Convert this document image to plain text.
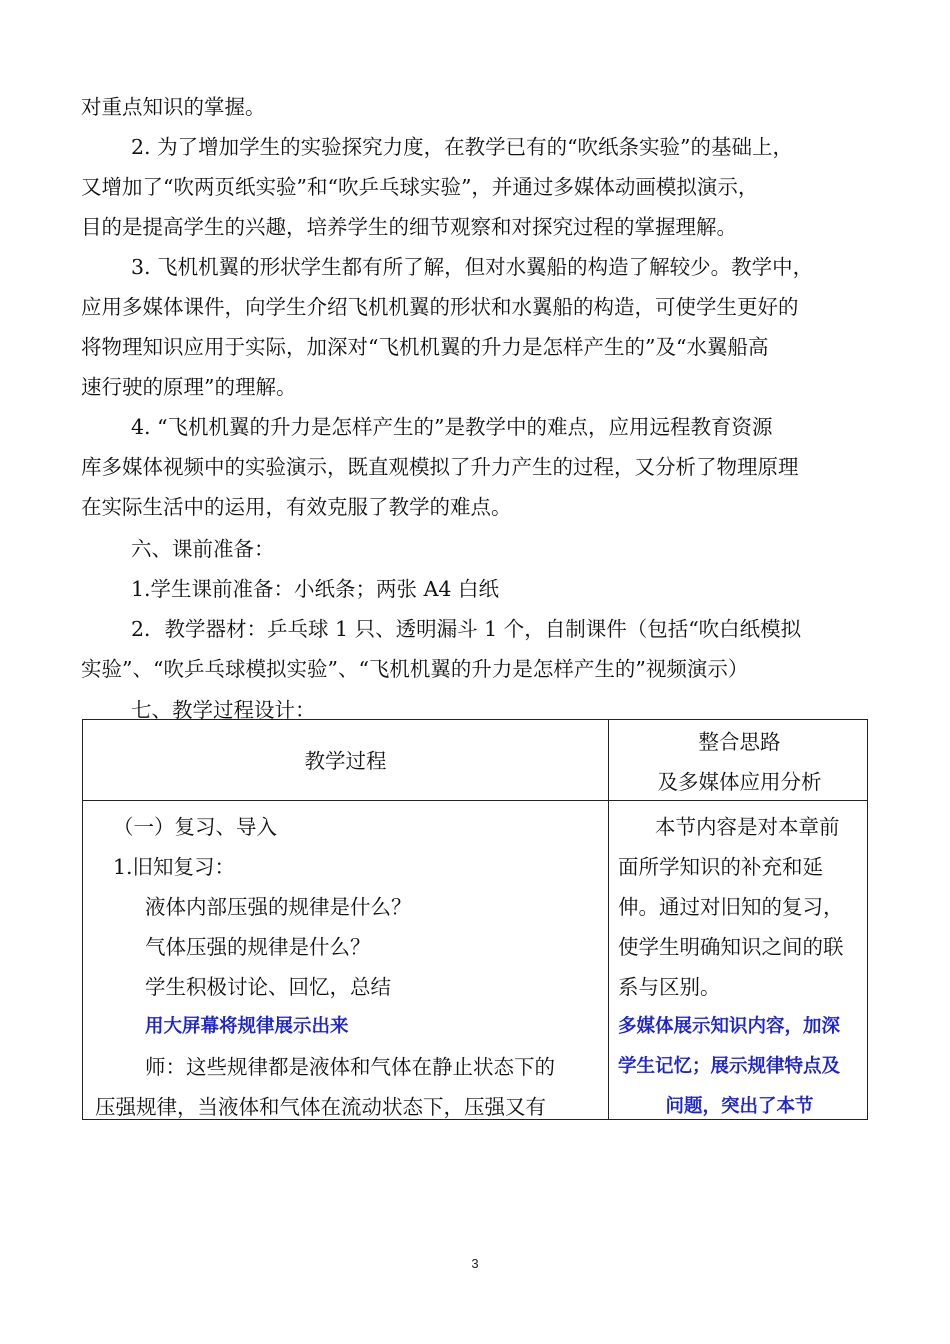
对重点知识的掌握。
2. 为了增加学生的实验探究力度，在教学已有的“吹纸条实验”的基础上，
又增加了“吹两页纸实验”和“吹乒乓球实验”，并通过多媒体动画模拟演示，
目的是提高学生的兴趣，培养学生的细节观察和对探究过程的掌握理解。
3. 飞机机翼的形状学生都有所了解，但对水翼船的构造了解较少。教学中，
应用多媒体课件，向学生介绍飞机机翼的形状和水翼船的构造，可使学生更好的
将物理知识应用于实际，加深对“飞机机翼的升力是怎样产生的”及“水翼船高
速行驶的原理”的理解。
4. “飞机机翼的升力是怎样产生的”是教学中的难点，应用远程教育资源
库多媒体视频中的实验演示，既直观模拟了升力产生的过程，又分析了物理原理
在实际生活中的运用，有效克服了教学的难点。
六、课前准备：
1.学生课前准备：小纸条；两张 A4 白纸
2．教学器材：乒乓球 1 只、透明漏斗 1 个，自制课件（包括“吹白纸模拟
实验”、“吹乒乓球模拟实验”、“飞机机翼的升力是怎样产生的”视频演示）
七、教学过程设计：
教学过程
整合思路
及多媒体应用分析
（一）复习、导入
1.旧知复习：
液体内部压强的规律是什么？
气体压强的规律是什么？
学生积极讨论、回忆，总结
用大屏幕将规律展示出来
师：这些规律都是液体和气体在静止状态下的
压强规律，当液体和气体在流动状态下，压强又有
本节内容是对本章前
面所学知识的补充和延
伸。通过对旧知的复习，
使学生明确知识之间的联
系与区别。
多媒体展示知识内容，加深
学生记忆；展示规律特点及
问题，突出了本节
3
